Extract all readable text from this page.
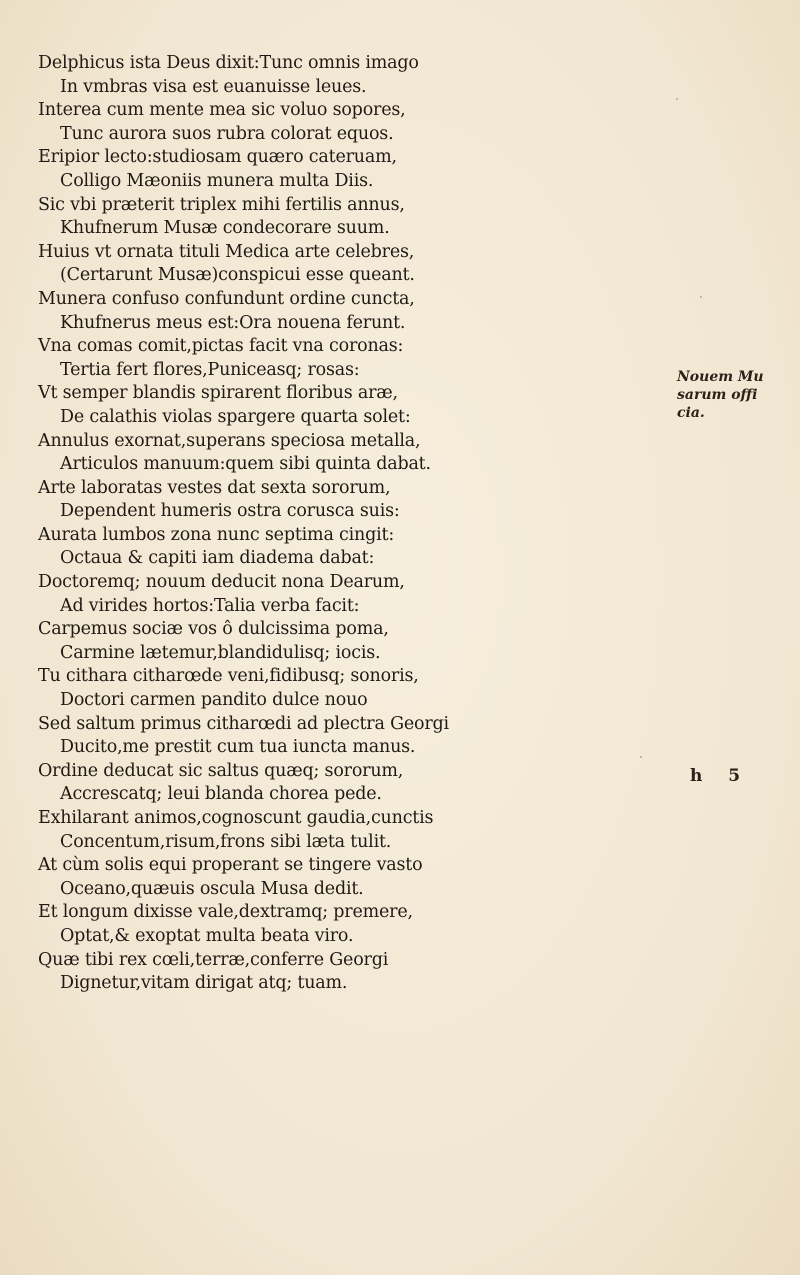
Delphicus ista Deus dixit:Tunc omnis imago
In vmbras visa est euanuisse leues.
Interea cum mente mea sic voluo sopores,
Tunc aurora suos rubra colorat equos.
Eripior lecto:studiosam quæro cateruam,
Colligo Mæoniis munera multa Diis.
Sic vbi præterit triplex mihi fertilis annus,
Khufnerum Musæ condecorare suum.
Huius vt ornata tituli Medica arte celebres,
(Certarunt Musæ)conspicui esse queant.
Munera confuso confundunt ordine cuncta,
Khufnerus meus est:Ora nouena ferunt.
Vna comas comit,pictas facit vna coronas:
Tertia fert flores,Puniceasq; rosas:
Vt semper blandis spirarent floribus aræ,
De calathis violas spargere quarta solet:
Annulus exornat,superans speciosa metalla,
Articulos manuum:quem sibi quinta dabat.
Arte laboratas vestes dat sexta sororum,
Dependent humeris ostra coruscа suis:
Aurata lumbos zona nunc septima cingit:
Octaua & capiti iam diadema dabat:
Doctoremq; nouum deducit nona Dearum,
Ad virides hortos:Talia verba facit:
Carpemus sociæ vos ô dulcissima poma,
Carmine lætemur,blandidulisq; iocis.
Tu cithara citharœde veni,fidibusq; sonoris,
Doctori carmen pandito dulce nouo
Sed saltum primus citharœdi ad plectra Georgi
Ducito,me prestit cum tua iuncta manus.
Ordine deducat sic saltus quæq; sororum,
Accrescatq; leui blanda chorea pede.
Exhilarant animos,cognoscunt gaudia,cunctis
Concentum,risum,frons sibi læta tulit.
At cùm solis equi properant se tingere vasto
Oceano,quæuis oscula Musa dedit.
Et longum dixisse vale,dextramq; premere,
Optat,& exoptat multa beata viro.
Quæ tibi rex cœli,terræ,conferre Georgi
Dignetur,vitam dirigat atq; tuam.
Nouem Mu
sarum offi
cia.
h 5
